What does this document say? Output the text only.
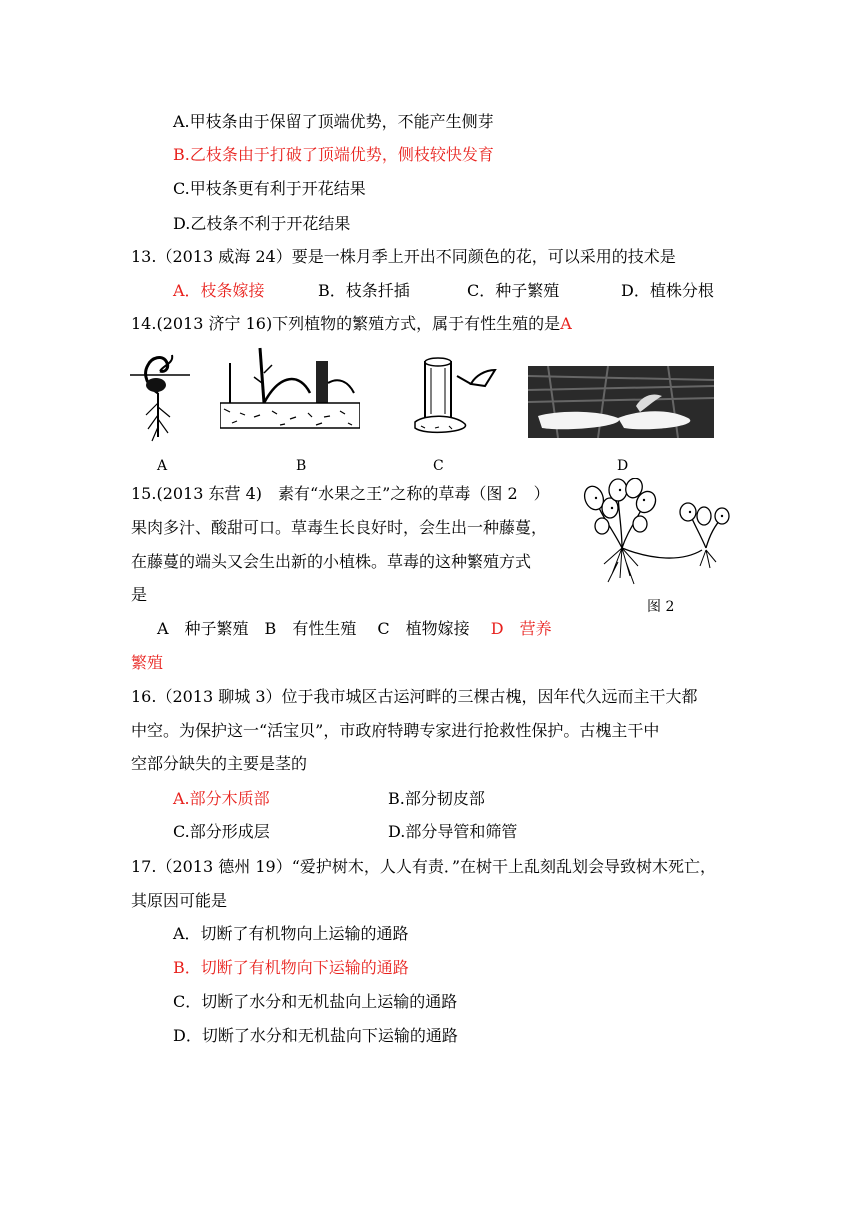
A.甲枝条由于保留了顶端优势，不能产生侧芽
B.乙枝条由于打破了顶端优势，侧枝较快发育
C.甲枝条更有利于开花结果
D.乙枝条不利于开花结果
13.（2013 威海 24）要是一株月季上开出不同颜色的花，可以采用的技术是
A．枝条嫁接	B．枝条扦插	C．种子繁殖	D．植株分根
14.(2013 济宁 16)下列植物的繁殖方式，属于有性生殖的是A
A	B	C	D
15.(2013 东营 4)　素有“水果之王”之称的草毒（图 2　）
果肉多汁、酸甜可口。草毒生长良好时，会生出一种藤蔓，
在藤蔓的端头又会生出新的小植株。草毒的这种繁殖方式
是
A　种子繁殖　B　有性生殖　 C　植物嫁接 D　营养
繁殖
图 2
16.（2013 聊城 3）位于我市城区古运河畔的三棵古槐，因年代久远而主干大都
中空。为保护这一“活宝贝”，市政府特聘专家进行抢救性保护。古槐主干中
空部分缺失的主要是茎的
A.部分木质部	B.部分韧皮部
C.部分形成层	D.部分导管和筛管
17.（2013 德州 19）“爱护树木，人人有责．”在树干上乱刻乱划会导致树木死亡，
其原因可能是
A．切断了有机物向上运输的通路
B．切断了有机物向下运输的通路
C．切断了水分和无机盐向上运输的通路
D．切断了水分和无机盐向下运输的通路
